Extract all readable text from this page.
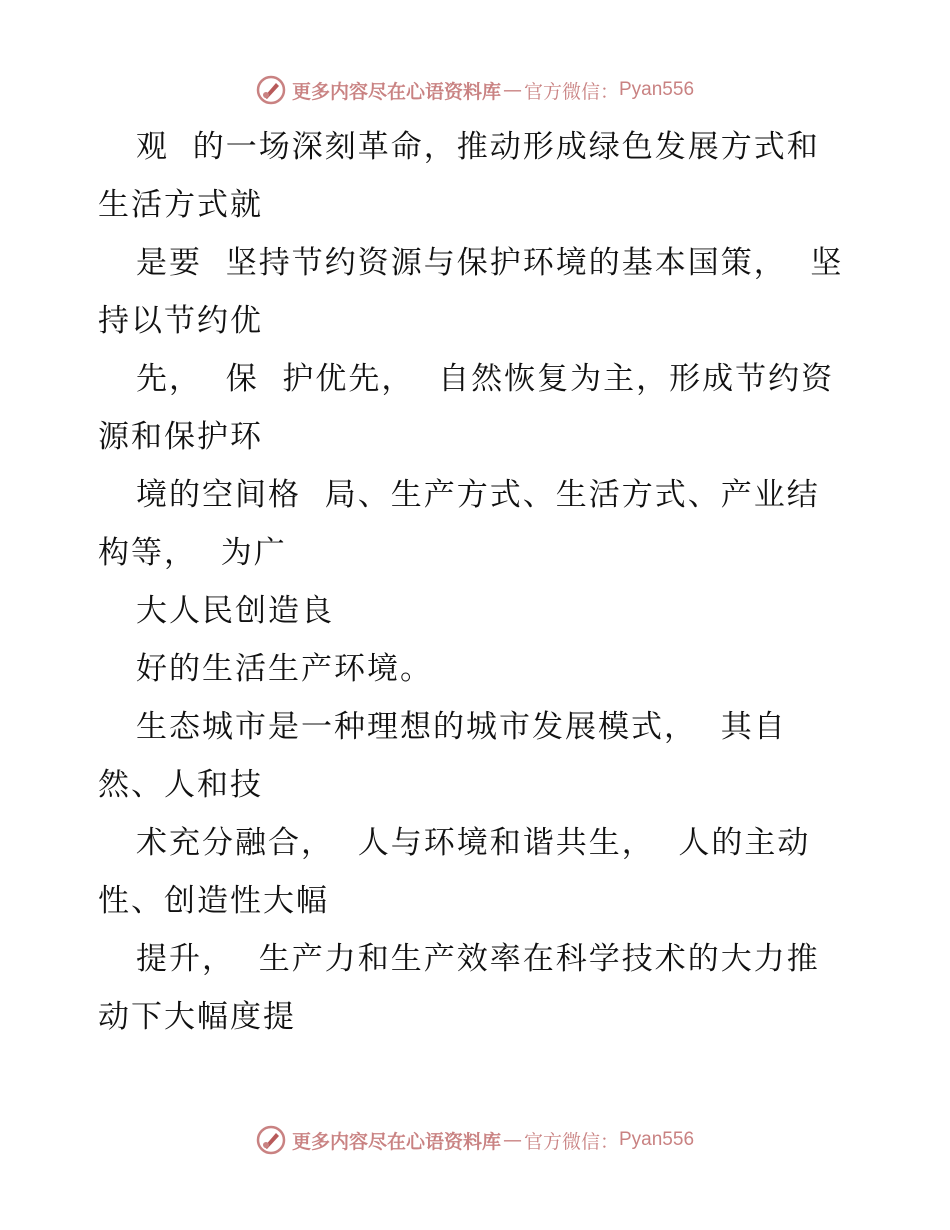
更多内容尽在心语资料库 — 官方微信： Pyan556
观  的一场深刻革命，推动形成绿色发展方式和
生活方式就
是要  坚持节约资源与保护环境的基本国策，  坚
持以节约优
先，  保  护优先，  自然恢复为主，形成节约资
源和保护环
境的空间格  局、生产方式、生活方式、产业结
构等，  为广
大人民创造良
好的生活生产环境。
生态城市是一种理想的城市发展模式，  其自
然、人和技
术充分融合，  人与环境和谐共生，  人的主动
性、创造性大幅
提升，  生产力和生产效率在科学技术的大力推
动下大幅度提
更多内容尽在心语资料库 — 官方微信： Pyan556
